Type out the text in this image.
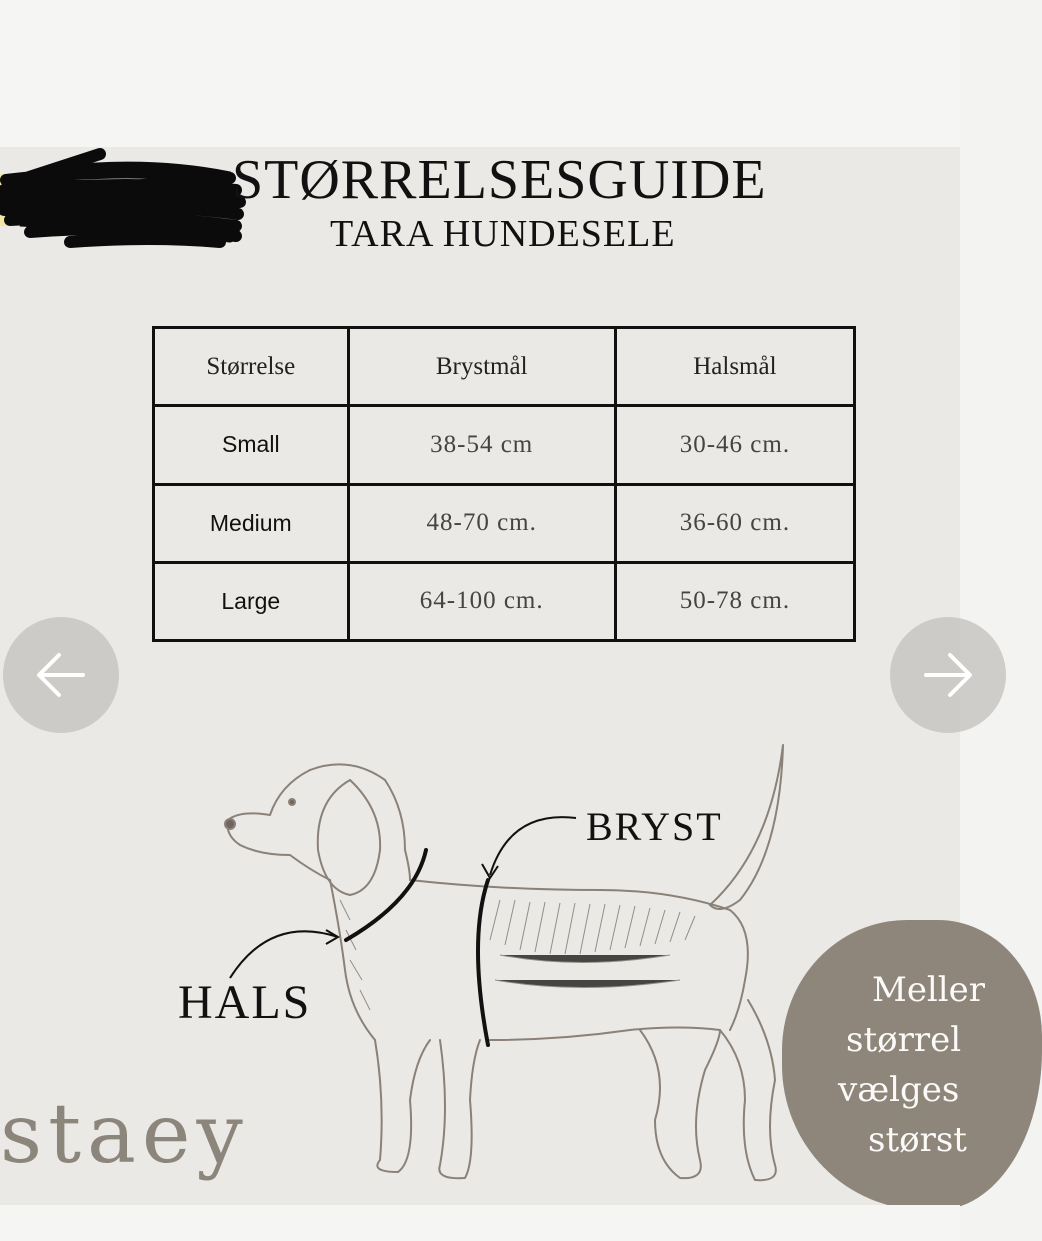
STØRRELSESGUIDE
TARA HUNDESELE
Størrelse	Brystmål	Halsmål
Small	38-54 cm	30-46 cm.
Medium	48-70 cm.	36-60 cm.
Large	64-100 cm.	50-78 cm.

BRYST

HALS

staey

Meller
størrel
vælges
størst
